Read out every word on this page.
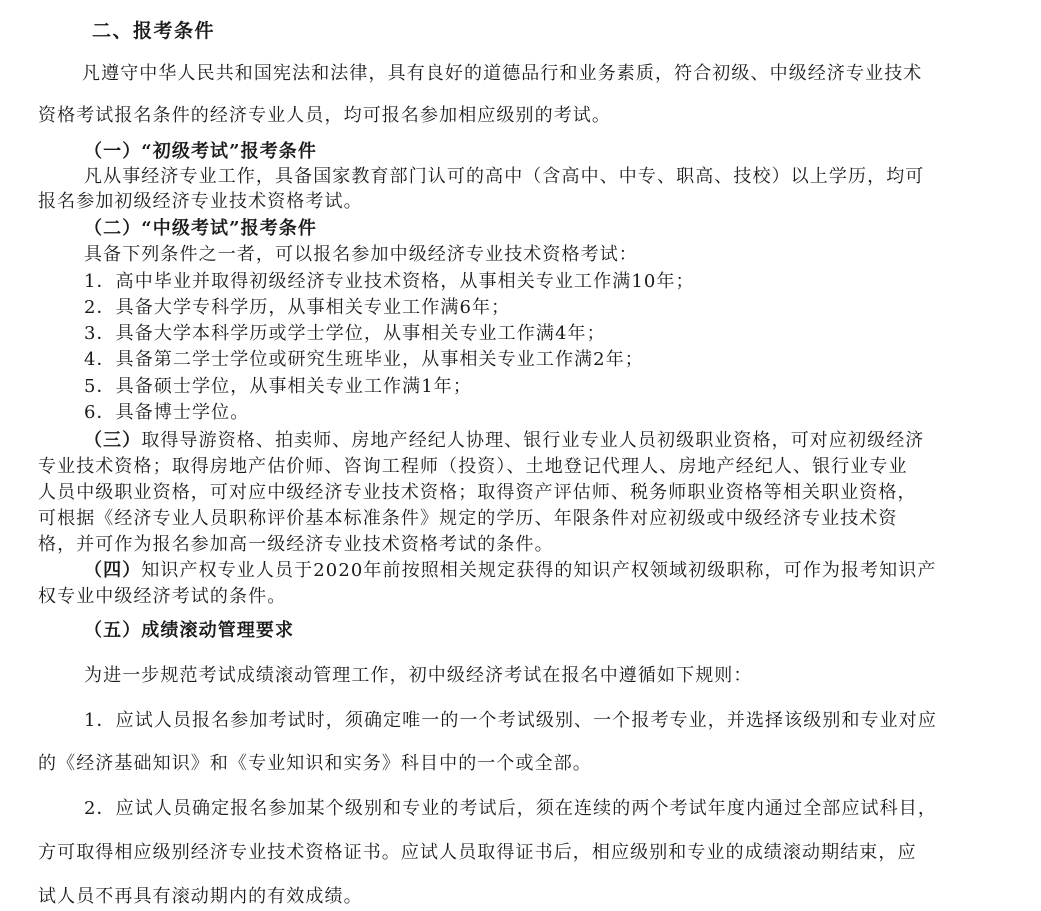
二、报考条件
凡遵守中华人民共和国宪法和法律，具有良好的道德品行和业务素质，符合初级、中级经济专业技术
资格考试报名条件的经济专业人员，均可报名参加相应级别的考试。
（一）“初级考试”报考条件
凡从事经济专业工作，具备国家教育部门认可的高中（含高中、中专、职高、技校）以上学历，均可
报名参加初级经济专业技术资格考试。
（二）“中级考试”报考条件
具备下列条件之一者，可以报名参加中级经济专业技术资格考试：
1．高中毕业并取得初级经济专业技术资格，从事相关专业工作满10年；
2．具备大学专科学历，从事相关专业工作满6年；
3．具备大学本科学历或学士学位，从事相关专业工作满4年；
4．具备第二学士学位或研究生班毕业，从事相关专业工作满2年；
5．具备硕士学位，从事相关专业工作满1年；
6．具备博士学位。
（三）取得导游资格、拍卖师、房地产经纪人协理、银行业专业人员初级职业资格，可对应初级经济
专业技术资格；取得房地产估价师、咨询工程师（投资）、土地登记代理人、房地产经纪人、银行业专业
人员中级职业资格，可对应中级经济专业技术资格；取得资产评估师、税务师职业资格等相关职业资格，
可根据《经济专业人员职称评价基本标准条件》规定的学历、年限条件对应初级或中级经济专业技术资
格，并可作为报名参加高一级经济专业技术资格考试的条件。
（四）知识产权专业人员于2020年前按照相关规定获得的知识产权领域初级职称，可作为报考知识产
权专业中级经济考试的条件。
（五）成绩滚动管理要求
为进一步规范考试成绩滚动管理工作，初中级经济考试在报名中遵循如下规则：
1．应试人员报名参加考试时，须确定唯一的一个考试级别、一个报考专业，并选择该级别和专业对应
的《经济基础知识》和《专业知识和实务》科目中的一个或全部。
2．应试人员确定报名参加某个级别和专业的考试后，须在连续的两个考试年度内通过全部应试科目，
方可取得相应级别经济专业技术资格证书。应试人员取得证书后，相应级别和专业的成绩滚动期结束，应
试人员不再具有滚动期内的有效成绩。
